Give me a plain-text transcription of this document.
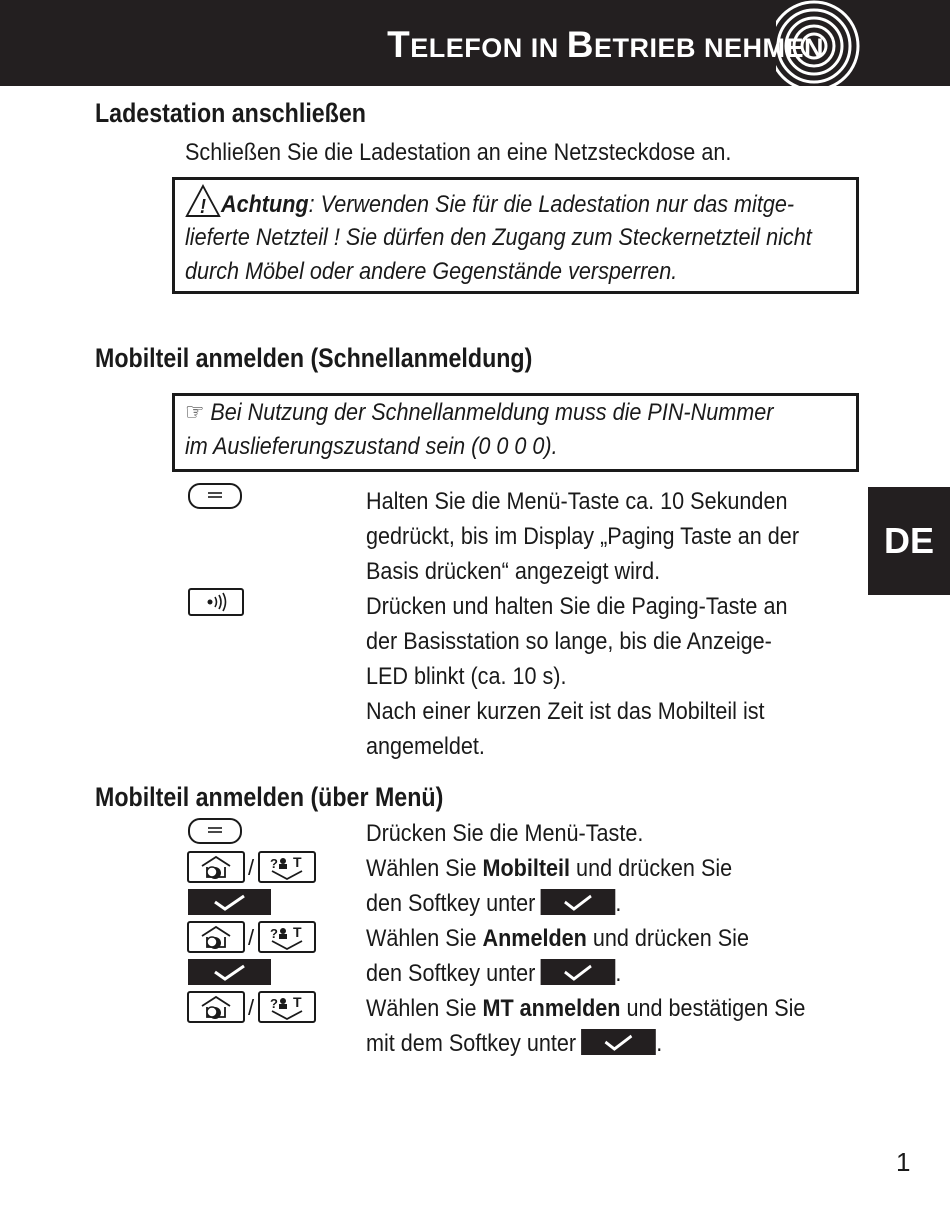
TELEFON IN BETRIEB NEHMEN
Ladestation anschließen
Schließen Sie die Ladestation an eine Netzsteckdose an.
! Achtung: Verwenden Sie für die Ladestation nur das mitge-
lieferte Netzteil ! Sie dürfen den Zugang zum Steckernetzteil nicht
durch Möbel oder andere Gegenstände versperren.
Mobilteil anmelden (Schnellanmeldung)
☞ Bei Nutzung der Schnellanmeldung muss die PIN-Nummer
im Auslieferungszustand sein (0 0 0 0).
Halten Sie die Menü-Taste ca. 10 Sekunden
gedrückt, bis im Display „Paging Taste an der
Basis drücken“ angezeigt wird.
Drücken und halten Sie die Paging-Taste an
der Basisstation so lange, bis die Anzeige-
LED blinkt (ca. 10 s).
Nach einer kurzen Zeit ist das Mobilteil ist
angemeldet.
Mobilteil anmelden (über Menü)
/ ? T
/ ? T
/ ? T
Drücken Sie die Menü-Taste.
Wählen Sie Mobilteil und drücken Sie
den Softkey unter	.
Wählen Sie Anmelden und drücken Sie
den Softkey unter	.
Wählen Sie MT anmelden und bestätigen Sie
mit dem Softkey unter	.
DE
1
